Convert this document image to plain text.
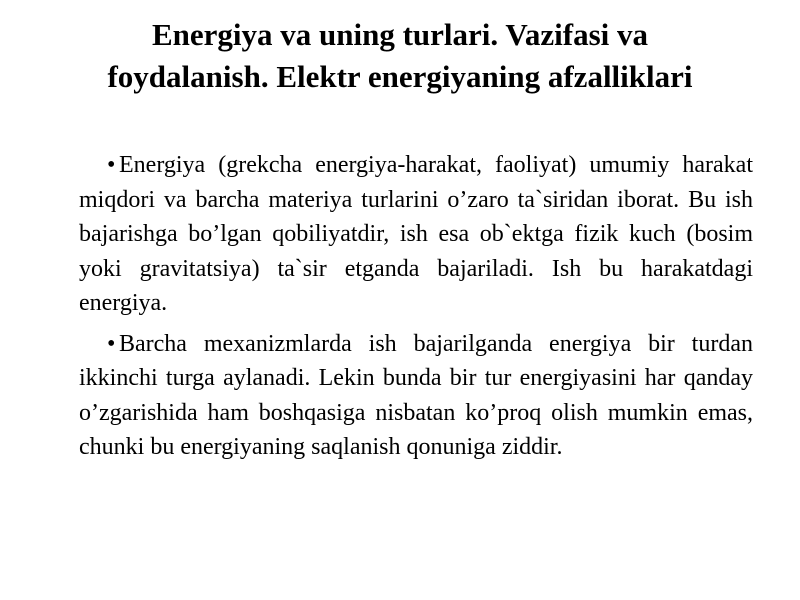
Energiya va uning turlari. Vazifasi va
foydalanish. Elektr energiyaning afzalliklari

• Energiya (grekcha energiya-harakat, faoliyat) umumiy harakat miqdori va barcha materiya turlarini o’zaro ta`siridan iborat. Bu ish bajarishga bo’lgan qobiliyatdir, ish esa ob`ektga fizik kuch (bosim yoki gravitatsiya) ta`sir etganda bajariladi. Ish bu harakatdagi energiya.

• Barcha mexanizmlarda ish bajarilganda energiya bir turdan ikkinchi turga aylanadi. Lekin bunda bir tur energiyasini har qanday o’zgarishida ham boshqasiga nisbatan ko’proq olish mumkin emas, chunki bu energiyaning saqlanish qonuniga ziddir.
